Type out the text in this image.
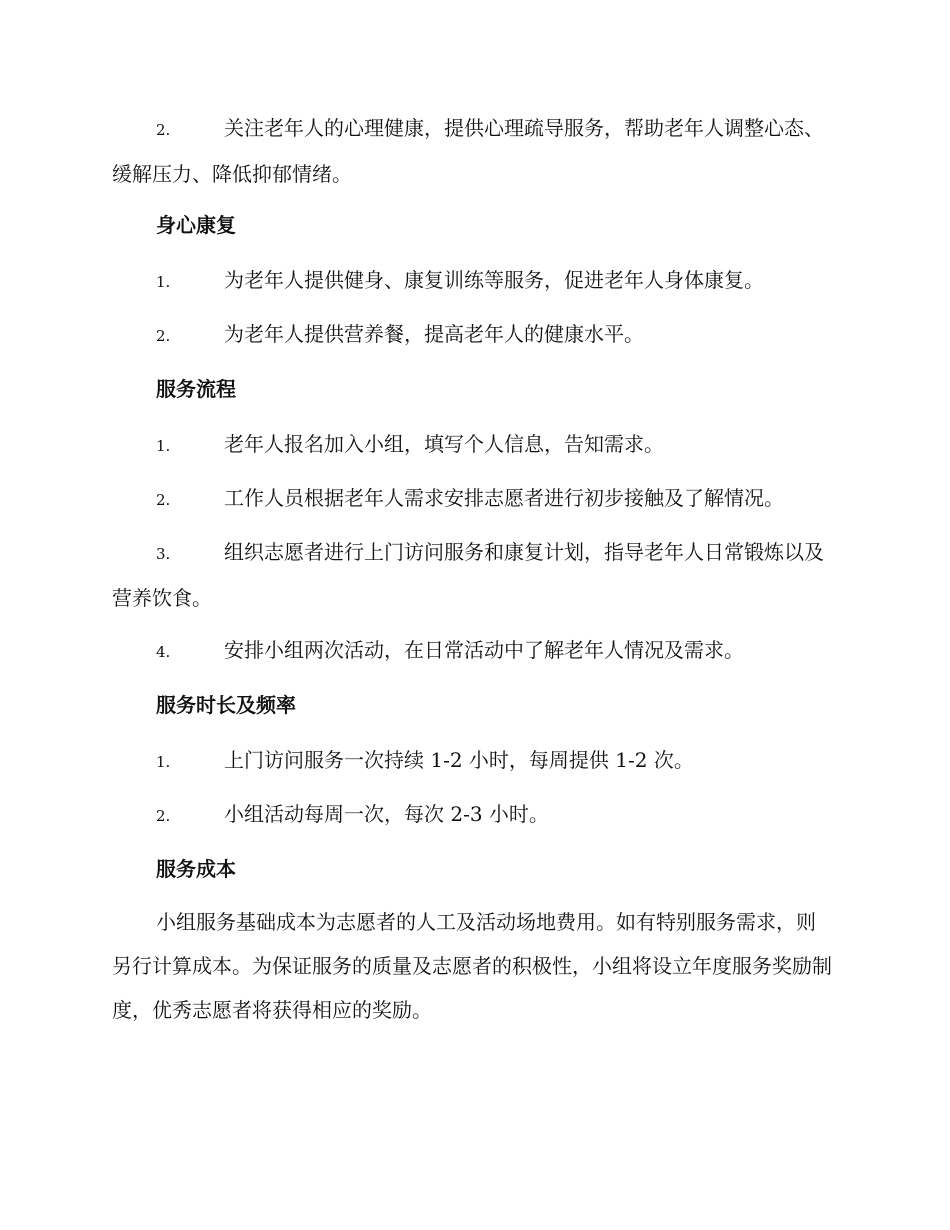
2.	关注老年人的心理健康，提供心理疏导服务，帮助老年人调整心态、缓解压力、降低抑郁情绪。
身心康复
1.	为老年人提供健身、康复训练等服务，促进老年人身体康复。
2.	为老年人提供营养餐，提高老年人的健康水平。
服务流程
1.	老年人报名加入小组，填写个人信息，告知需求。
2.	工作人员根据老年人需求安排志愿者进行初步接触及了解情况。
3.	组织志愿者进行上门访问服务和康复计划，指导老年人日常锻炼以及营养饮食。
4.	安排小组两次活动，在日常活动中了解老年人情况及需求。
服务时长及频率
1.	上门访问服务一次持续 1-2 小时，每周提供 1-2 次。
2.	小组活动每周一次，每次 2-3 小时。
服务成本
小组服务基础成本为志愿者的人工及活动场地费用。如有特别服务需求，则另行计算成本。为保证服务的质量及志愿者的积极性，小组将设立年度服务奖励制度，优秀志愿者将获得相应的奖励。
